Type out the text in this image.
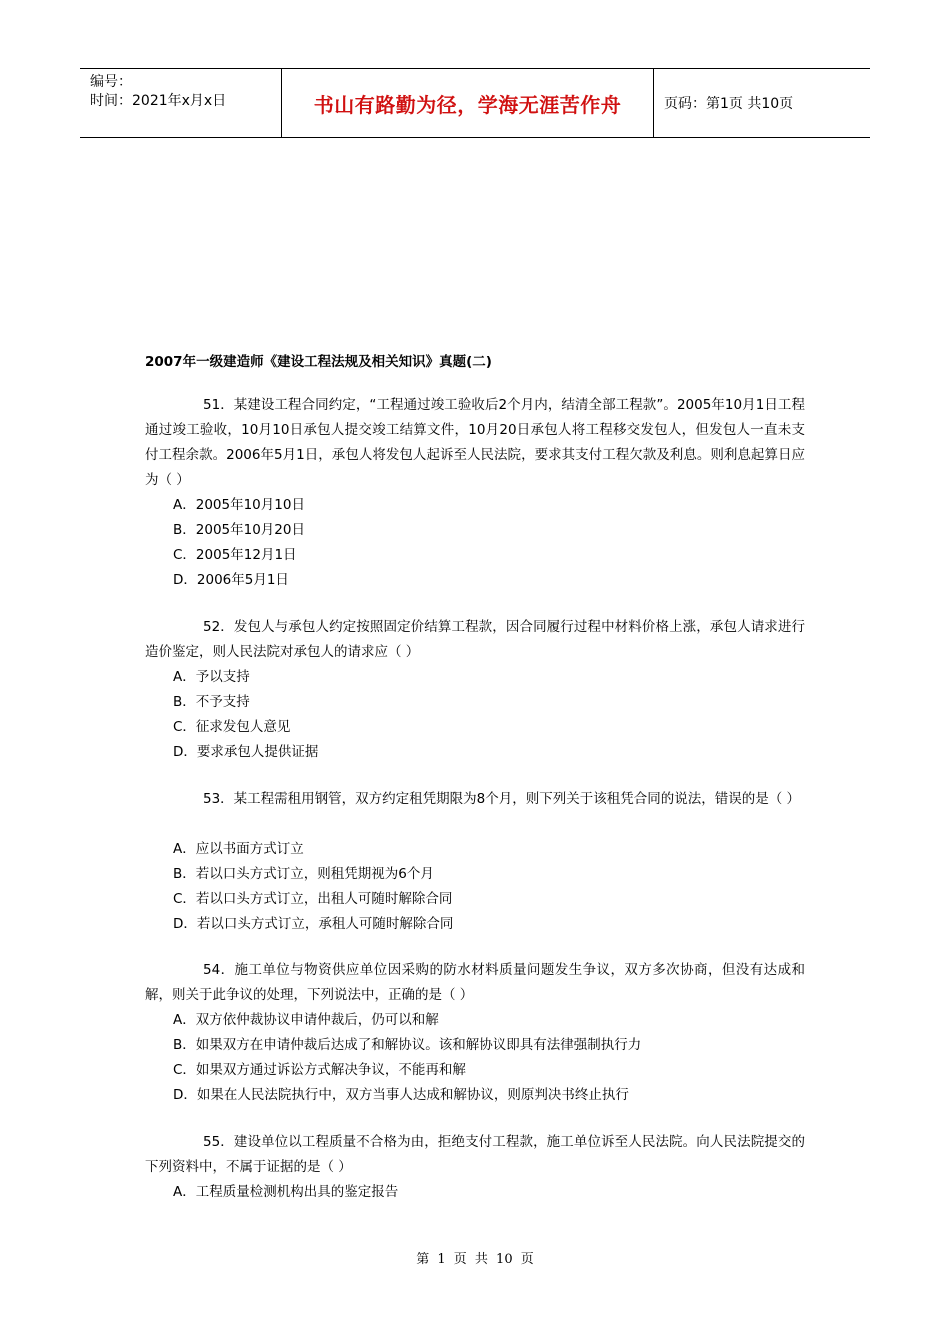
编号：
时间：2021年x月x日	书山有路勤为径，学海无涯苦作舟	页码：第1页 共10页
2007年一级建造师《建设工程法规及相关知识》真题(二)

51．某建设工程合同约定，“工程通过竣工验收后2个月内，结清全部工程款”。2005年10月1日工程通过竣工验收，10月10日承包人提交竣工结算文件，10月20日承包人将工程移交发包人，但发包人一直未支付工程余款。2006年5月1日，承包人将发包人起诉至人民法院，要求其支付工程欠款及利息。则利息起算日应为（ ）

A．2005年10月10日
B．2005年10月20日
C．2005年12月1日
D．2006年5月1日

52．发包人与承包人约定按照固定价结算工程款，因合同履行过程中材料价格上涨，承包人请求进行造价鉴定，则人民法院对承包人的请求应（ ）

A．予以支持
B．不予支持
C．征求发包人意见
D．要求承包人提供证据

53．某工程需租用钢管，双方约定租凭期限为8个月，则下列关于该租凭合同的说法，错误的是（ ）

A．应以书面方式订立
B．若以口头方式订立，则租凭期视为6个月
C．若以口头方式订立，出租人可随时解除合同
D．若以口头方式订立，承租人可随时解除合同

54．施工单位与物资供应单位因采购的防水材料质量问题发生争议，双方多次协商，但没有达成和解，则关于此争议的处理，下列说法中，正确的是（ ）

A．双方依仲裁协议申请仲裁后，仍可以和解
B．如果双方在申请仲裁后达成了和解协议。该和解协议即具有法律强制执行力
C．如果双方通过诉讼方式解决争议，不能再和解
D．如果在人民法院执行中，双方当事人达成和解协议，则原判决书终止执行

55．建设单位以工程质量不合格为由，拒绝支付工程款，施工单位诉至人民法院。向人民法院提交的下列资料中，不属于证据的是（ ）

A．工程质量检测机构出具的鉴定报告
第 1 页 共 10 页
